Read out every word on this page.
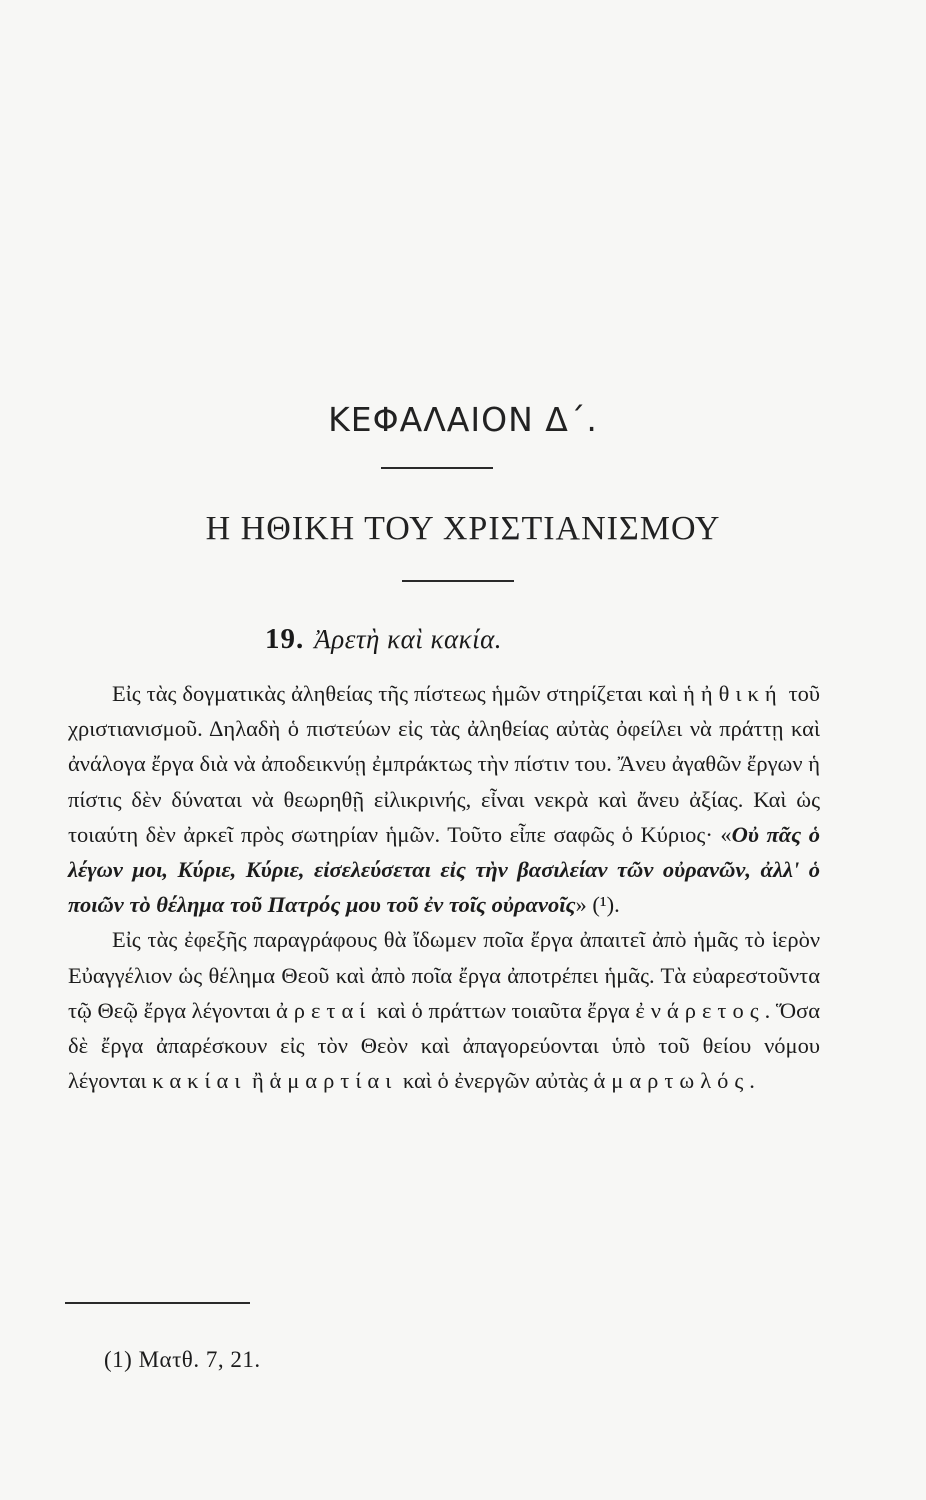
ΚΕΦΑΛΑΙΟΝ Δ΄.
Η ΗΘΙΚΗ ΤΟΥ ΧΡΙΣΤΙΑΝΙΣΜΟΥ
19. Ἀρετὴ καὶ κακία.

Εἰς τὰς δογματικὰς ἀληθείας τῆς πίστεως ἡμῶν στηρίζεται καὶ ἡ ἠθική τοῦ χριστιανισμοῦ. Δηλαδὴ ὁ πιστεύων εἰς τὰς ἀληθείας αὐτὰς ὀφείλει νὰ πράττῃ καὶ ἀνάλογα ἔργα διὰ νὰ ἀποδεικνύῃ ἐμπράκτως τὴν πίστιν του. Ἄνευ ἀγαθῶν ἔργων ἡ πίστις δὲν δύναται νὰ θεωρηθῇ εἰλικρινής, εἶναι νεκρὰ καὶ ἄνευ ἀξίας. Καὶ ὡς τοιαύτη δὲν ἀρκεῖ πρὸς σωτηρίαν ἡμῶν. Τοῦτο εἶπε σαφῶς ὁ Κύριος· «Οὐ πᾶς ὁ λέγων μοι, Κύριε, Κύριε, εἰσελεύσεται εἰς τὴν βασιλείαν τῶν οὐρανῶν, ἀλλ' ὁ ποιῶν τὸ θέλημα τοῦ Πατρός μου τοῦ ἐν τοῖς οὐρανοῖς» (¹).

Εἰς τὰς ἐφεξῆς παραγράφους θὰ ἴδωμεν ποῖα ἔργα ἀπαιτεῖ ἀπὸ ἡμᾶς τὸ ἱερὸν Εὐαγγέλιον ὡς θέλημα Θεοῦ καὶ ἀπὸ ποῖα ἔργα ἀποτρέπει ἡμᾶς. Τὰ εὐαρεστοῦντα τῷ Θεῷ ἔργα λέγονται ἀρεταί καὶ ὁ πράττων τοιαῦτα ἔργα ἐνάρετος. Ὅσα δὲ ἔργα ἀπαρέσκουν εἰς τὸν Θεὸν καὶ ἀπαγορεύονται ὑπὸ τοῦ θείου νόμου λέγονται κακίαι ἢ ἁμαρτίαι καὶ ὁ ἐνεργῶν αὐτὰς ἁμαρτωλός.

(1) Ματθ. 7, 21.
